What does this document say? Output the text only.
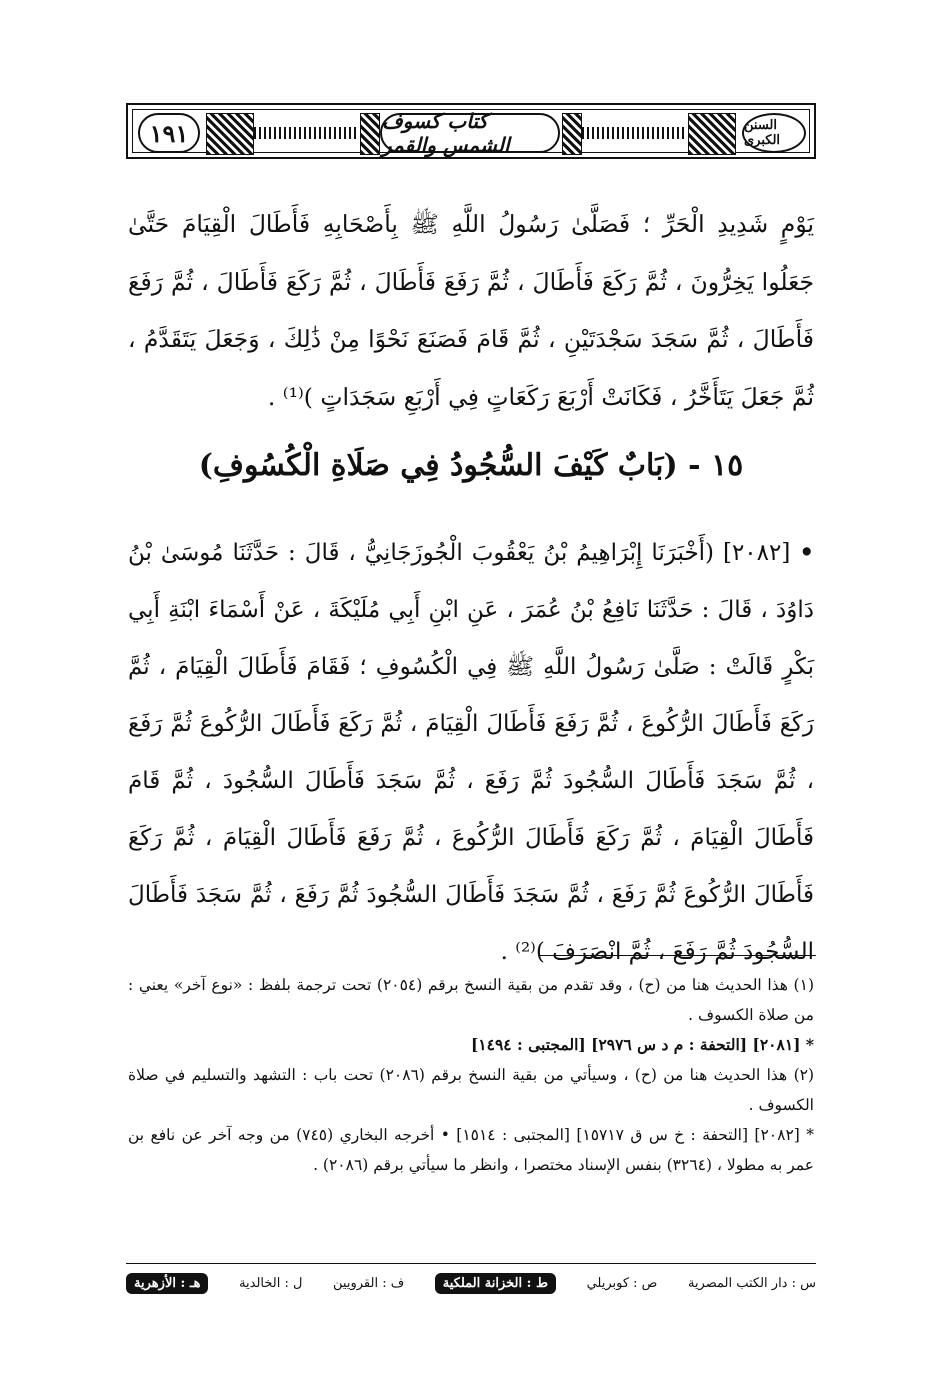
١٩١	كتاب كسوف الشمس والقمر
السنن الكبرى
يَوْمٍ شَدِيدِ الْحَرِّ ؛ فَصَلَّىٰ رَسُولُ اللَّهِ ﷺ بِأَصْحَابِهِ فَأَطَالَ الْقِيَامَ حَتَّىٰ جَعَلُوا يَخِرُّونَ ، ثُمَّ رَكَعَ فَأَطَالَ ، ثُمَّ رَفَعَ فَأَطَالَ ، ثُمَّ رَكَعَ فَأَطَالَ ، ثُمَّ رَفَعَ فَأَطَالَ ، ثُمَّ سَجَدَ سَجْدَتَيْنِ ، ثُمَّ قَامَ فَصَنَعَ نَحْوًا مِنْ ذَٰلِكَ ، وَجَعَلَ يَتَقَدَّمُ ، ثُمَّ جَعَلَ يَتَأَخَّرُ ، فَكَانَتْ أَرْبَعَ رَكَعَاتٍ فِي أَرْبَعِ سَجَدَاتٍ )⁽¹⁾ .
١٥ - (بَابٌ كَيْفَ السُّجُودُ فِي صَلَاةِ الْكُسُوفِ)
• [٢٠٨٢] (أَخْبَرَنَا إِبْرَاهِيمُ بْنُ يَعْقُوبَ الْجُوزَجَانِيُّ ، قَالَ : حَدَّثَنَا مُوسَىٰ بْنُ دَاوُدَ ، قَالَ : حَدَّثَنَا نَافِعُ بْنُ عُمَرَ ، عَنِ ابْنِ أَبِي مُلَيْكَةَ ، عَنْ أَسْمَاءَ ابْنَةِ أَبِي بَكْرٍ قَالَتْ : صَلَّىٰ رَسُولُ اللَّهِ ﷺ فِي الْكُسُوفِ ؛ فَقَامَ فَأَطَالَ الْقِيَامَ ، ثُمَّ رَكَعَ فَأَطَالَ الرُّكُوعَ ، ثُمَّ رَفَعَ فَأَطَالَ الْقِيَامَ ، ثُمَّ رَكَعَ فَأَطَالَ الرُّكُوعَ ثُمَّ رَفَعَ ، ثُمَّ سَجَدَ فَأَطَالَ السُّجُودَ ثُمَّ رَفَعَ ، ثُمَّ سَجَدَ فَأَطَالَ السُّجُودَ ، ثُمَّ قَامَ فَأَطَالَ الْقِيَامَ ، ثُمَّ رَكَعَ فَأَطَالَ الرُّكُوعَ ، ثُمَّ رَفَعَ فَأَطَالَ الْقِيَامَ ، ثُمَّ رَكَعَ فَأَطَالَ الرُّكُوعَ ثُمَّ رَفَعَ ، ثُمَّ سَجَدَ فَأَطَالَ السُّجُودَ ثُمَّ رَفَعَ ، ثُمَّ سَجَدَ فَأَطَالَ السُّجُودَ ثُمَّ رَفَعَ ، ثُمَّ انْصَرَفَ )⁽²⁾ .

(١) هذا الحديث هنا من (ح) ، وقد تقدم من بقية النسخ برقم (٢٠٥٤) تحت ترجمة بلفظ : «نوع آخر» يعني : من صلاة الكسوف .

* [٢٠٨١] [التحفة : م د س ٢٩٧٦] [المجتبى : ١٤٩٤]

(٢) هذا الحديث هنا من (ح) ، وسيأتي من بقية النسخ برقم (٢٠٨٦) تحت باب : التشهد والتسليم في صلاة الكسوف .

* [٢٠٨٢] [التحفة : خ س ق ١٥٧١٧] [المجتبى : ١٥١٤] • أخرجه البخاري (٧٤٥) من وجه آخر عن نافع بن عمر به مطولا ، (٣٢٦٤) بنفس الإسناد مختصرا ، وانظر ما سيأتي برقم (٢٠٨٦) .

س : دار الكتب المصرية
ص : كوبريلي
ط : الخزانة الملكية
ف : القرويين
ل : الخالدية
هـ : الأزهرية
